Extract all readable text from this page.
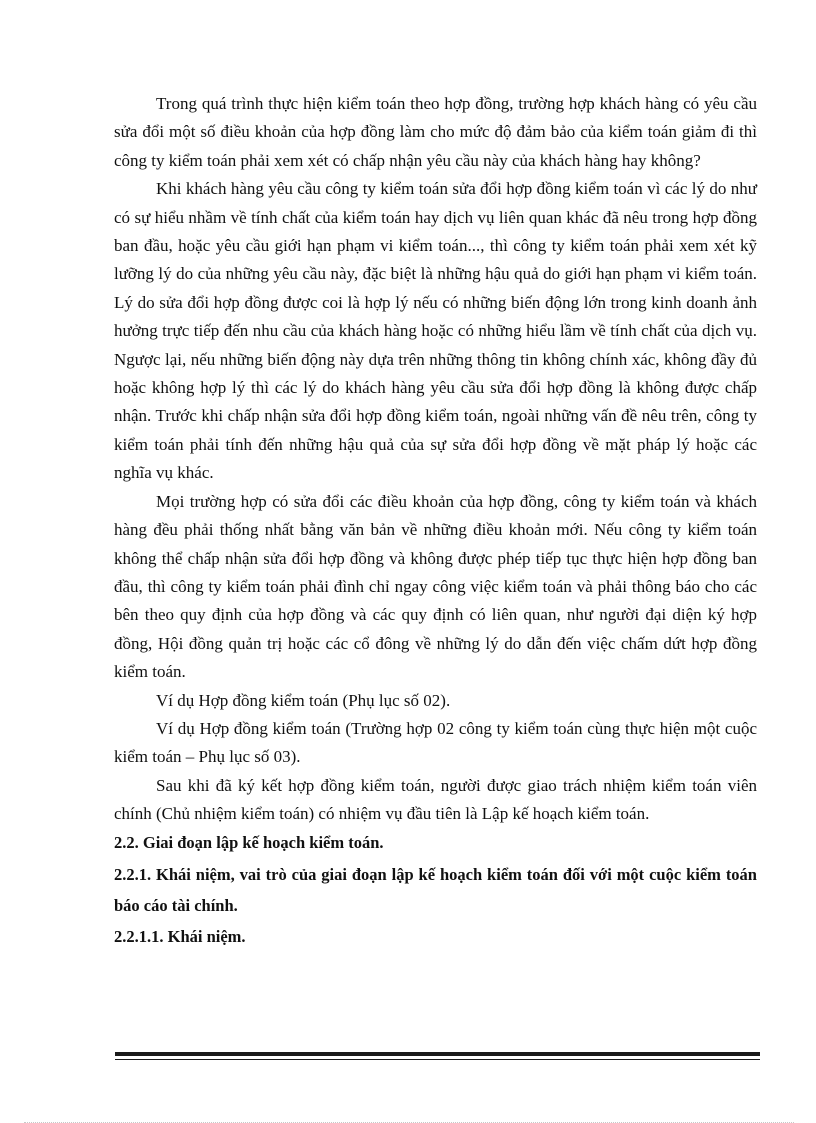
Trong quá trình thực hiện kiểm toán theo hợp đồng, trường hợp khách hàng có yêu cầu sửa đổi một số điều khoản của hợp đồng làm cho mức độ đảm bảo của kiểm toán giảm đi thì công ty kiểm toán phải xem xét có chấp nhận yêu cầu này của khách hàng hay không?

Khi khách hàng yêu cầu công ty kiểm toán sửa đổi hợp đồng kiểm toán vì các lý do như có sự hiểu nhầm về tính chất của kiểm toán hay dịch vụ liên quan khác đã nêu trong hợp đồng ban đầu, hoặc yêu cầu giới hạn phạm vi kiểm toán..., thì công ty kiểm toán phải xem xét kỹ lưỡng lý do của những yêu cầu này, đặc biệt là những hậu quả do giới hạn phạm vi kiểm toán. Lý do sửa đổi hợp đồng được coi là hợp lý nếu có những biến động lớn trong kinh doanh ảnh hưởng trực tiếp đến nhu cầu của khách hàng hoặc có những hiểu lầm về tính chất của dịch vụ. Ngược lại, nếu những biến động này dựa trên những thông tin không chính xác, không đầy đủ hoặc không hợp lý thì các lý do khách hàng yêu cầu sửa đổi hợp đồng là không được chấp nhận. Trước khi chấp nhận sửa đổi hợp đồng kiểm toán, ngoài những vấn đề nêu trên, công ty kiểm toán phải tính đến những hậu quả của sự sửa đổi hợp đồng về mặt pháp lý hoặc các nghĩa vụ khác.

Mọi trường hợp có sửa đổi các điều khoản của hợp đồng, công ty kiểm toán và khách hàng đều phải thống nhất bằng văn bản về những điều khoản mới. Nếu công ty kiểm toán không thể chấp nhận sửa đổi hợp đồng và không được phép tiếp tục thực hiện hợp đồng ban đầu, thì công ty kiểm toán phải đình chỉ ngay công việc kiểm toán và phải thông báo cho các bên theo quy định của hợp đồng và các quy định có liên quan, như người đại diện ký hợp đồng, Hội đồng quản trị hoặc các cổ đông về những lý do dẫn đến việc chấm dứt hợp đồng kiểm toán.

Ví dụ Hợp đồng kiểm toán (Phụ lục số 02).

Ví dụ Hợp đồng kiểm toán (Trường hợp 02 công ty kiểm toán cùng thực hiện một cuộc kiểm toán – Phụ lục số 03).

Sau khi đã ký kết hợp đồng kiểm toán, người được giao trách nhiệm kiểm toán viên chính (Chủ nhiệm kiểm toán) có nhiệm vụ đầu tiên là Lập kế hoạch kiểm toán.

2.2. Giai đoạn lập kế hoạch kiểm toán.

2.2.1. Khái niệm, vai trò của giai đoạn lập kế hoạch kiểm toán đối với một cuộc kiểm toán báo cáo tài chính.

2.2.1.1. Khái niệm.
